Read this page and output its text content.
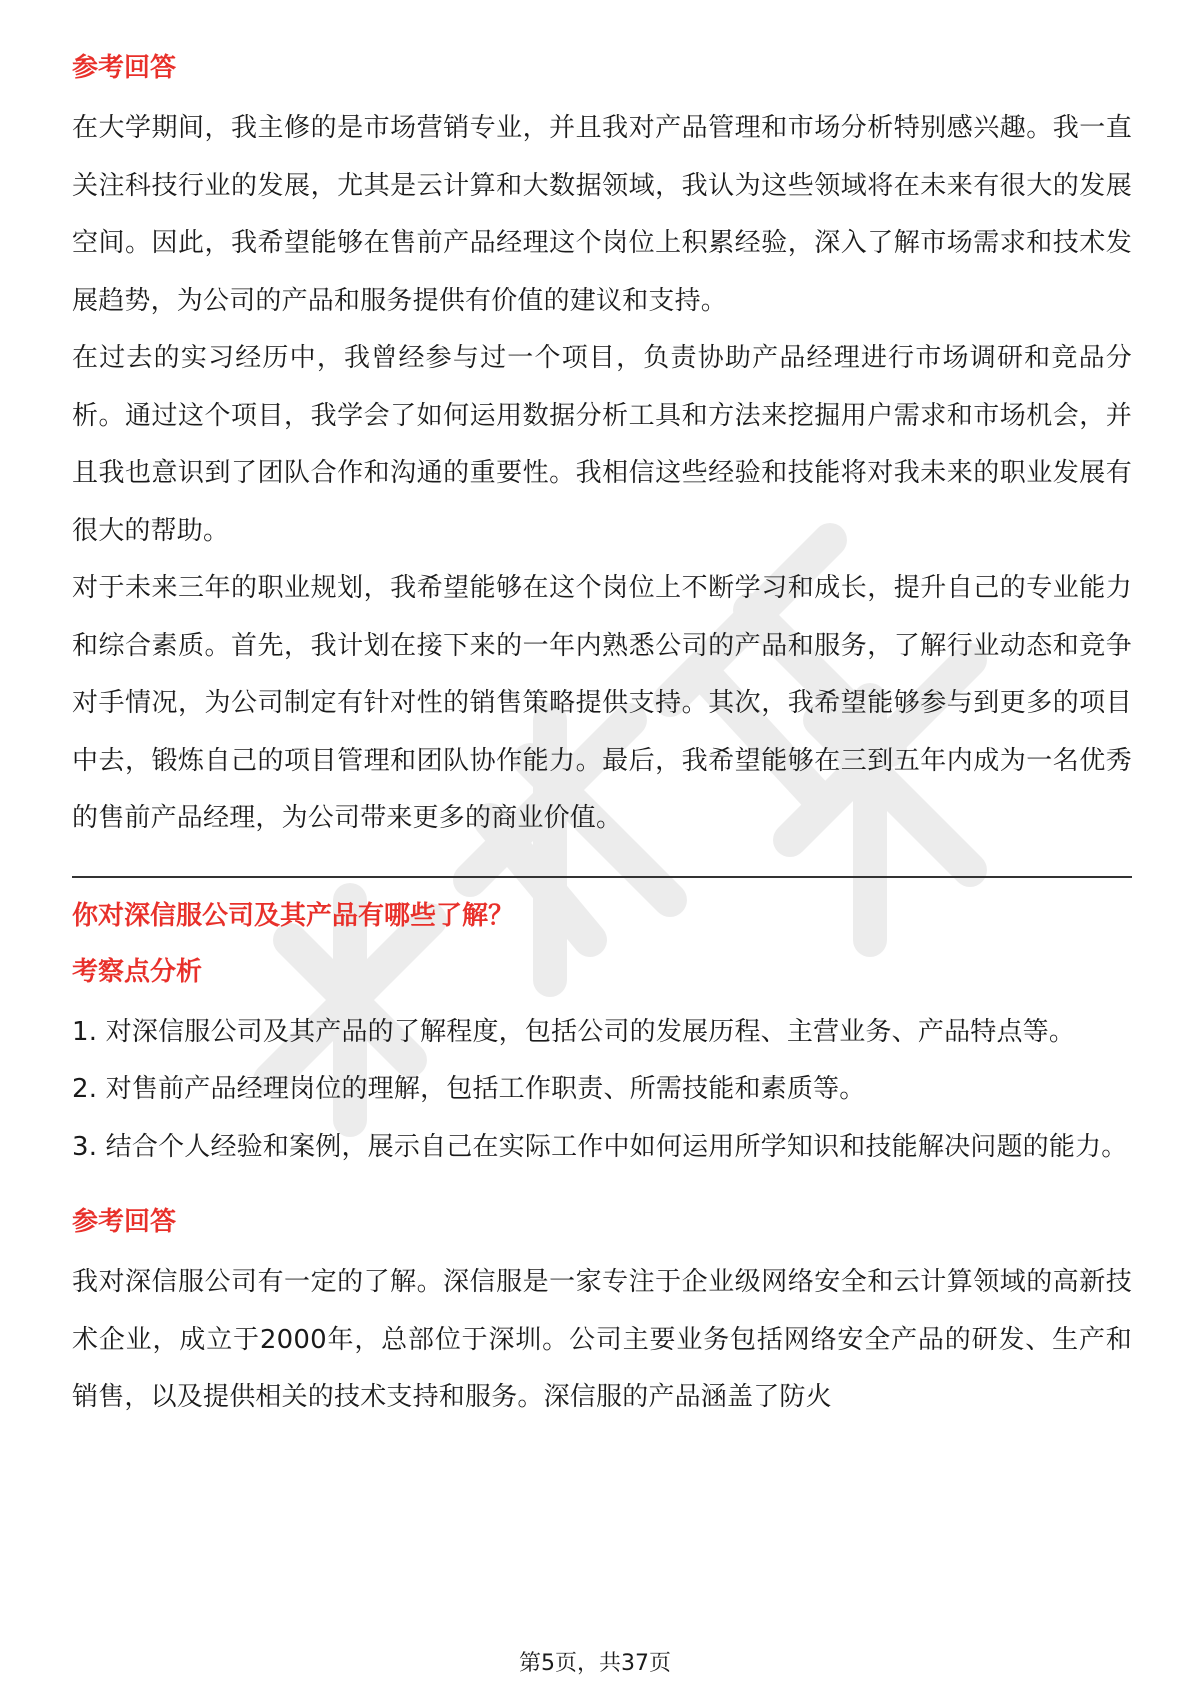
参考回答

在大学期间，我主修的是市场营销专业，并且我对产品管理和市场分析特别感兴趣。我一直关注科技行业的发展，尤其是云计算和大数据领域，我认为这些领域将在未来有很大的发展空间。因此，我希望能够在售前产品经理这个岗位上积累经验，深入了解市场需求和技术发展趋势，为公司的产品和服务提供有价值的建议和支持。

在过去的实习经历中，我曾经参与过一个项目，负责协助产品经理进行市场调研和竞品分析。通过这个项目，我学会了如何运用数据分析工具和方法来挖掘用户需求和市场机会，并且我也意识到了团队合作和沟通的重要性。我相信这些经验和技能将对我未来的职业发展有很大的帮助。

对于未来三年的职业规划，我希望能够在这个岗位上不断学习和成长，提升自己的专业能力和综合素质。首先，我计划在接下来的一年内熟悉公司的产品和服务，了解行业动态和竞争对手情况，为公司制定有针对性的销售策略提供支持。其次，我希望能够参与到更多的项目中去，锻炼自己的项目管理和团队协作能力。最后，我希望能够在三到五年内成为一名优秀的售前产品经理，为公司带来更多的商业价值。

你对深信服公司及其产品有哪些了解？

考察点分析

1. 对深信服公司及其产品的了解程度，包括公司的发展历程、主营业务、产品特点等。

2. 对售前产品经理岗位的理解，包括工作职责、所需技能和素质等。

3. 结合个人经验和案例，展示自己在实际工作中如何运用所学知识和技能解决问题的能力。

参考回答

我对深信服公司有一定的了解。深信服是一家专注于企业级网络安全和云计算领域的高新技术企业，成立于2000年，总部位于深圳。公司主要业务包括网络安全产品的研发、生产和销售，以及提供相关的技术支持和服务。深信服的产品涵盖了防火

第5页，共37页
